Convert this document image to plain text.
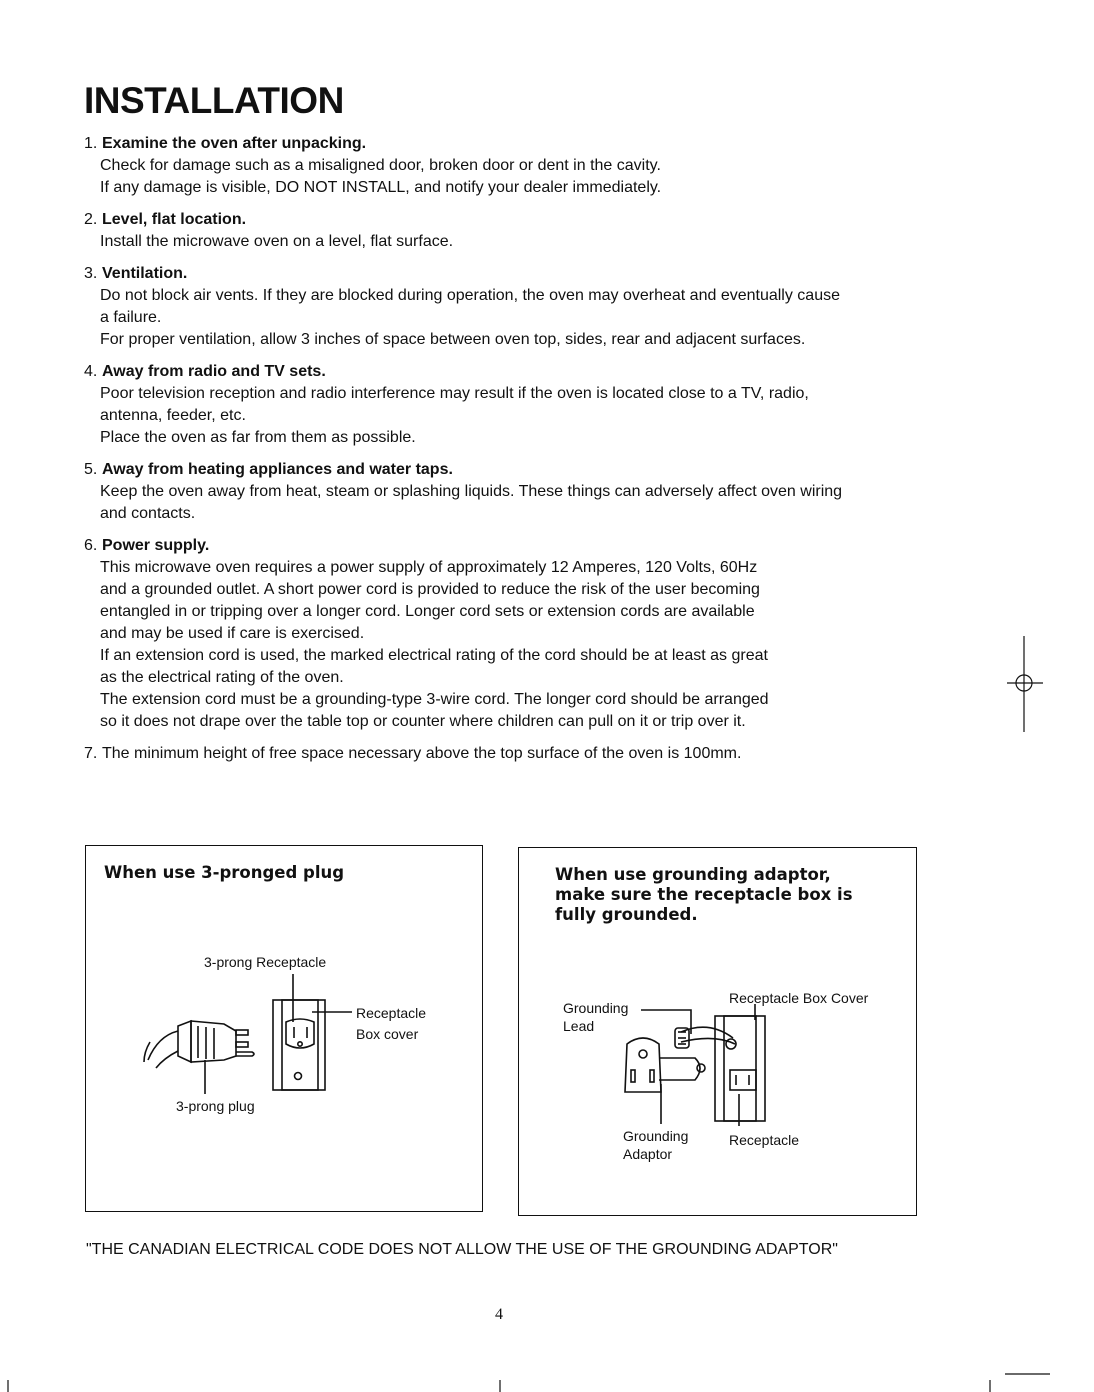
INSTALLATION
1. Examine the oven after unpacking.
Check for damage such as a misaligned door, broken door or dent in the cavity.
If any damage is visible, DO NOT INSTALL, and notify your dealer immediately.
2. Level, flat location.
Install the microwave oven on a level, flat surface.
3. Ventilation.
Do not block air vents. If they are blocked during operation, the oven may overheat and eventually cause
a failure.
For proper ventilation, allow 3 inches of space between oven top, sides, rear and adjacent surfaces.
4. Away from radio and TV sets.
Poor television reception and radio interference may result if the oven is located close to a TV, radio,
antenna, feeder, etc.
Place the oven as far from them as possible.
5. Away from heating appliances and water taps.
Keep the oven away from heat, steam or splashing liquids. These things can adversely affect oven wiring
and contacts.
6. Power supply.
This microwave oven requires a power supply of approximately 12 Amperes, 120 Volts, 60Hz
and a grounded outlet. A short power cord is provided to reduce the risk of the user becoming
entangled in or tripping over a longer cord. Longer cord sets or extension cords are available
and may be used if care is exercised.
If an extension cord is used, the marked electrical rating of the cord should be at least as great
as the electrical rating of the oven.
The extension cord must be a grounding-type 3-wire cord. The longer cord should be arranged
so it does not drape over the table top or counter where children can pull on it or trip over it.
7. The minimum height of free space necessary above the top surface of the oven is 100mm.
When use 3-pronged plug
3-prong Receptacle
Receptacle
Box cover
3-prong plug
When use grounding adaptor, make sure the receptacle box is fully grounded.
Grounding
Lead
Receptacle Box Cover
Grounding
Adaptor
Receptacle
"THE CANADIAN ELECTRICAL CODE DOES NOT ALLOW THE USE OF THE GROUNDING ADAPTOR"
4
